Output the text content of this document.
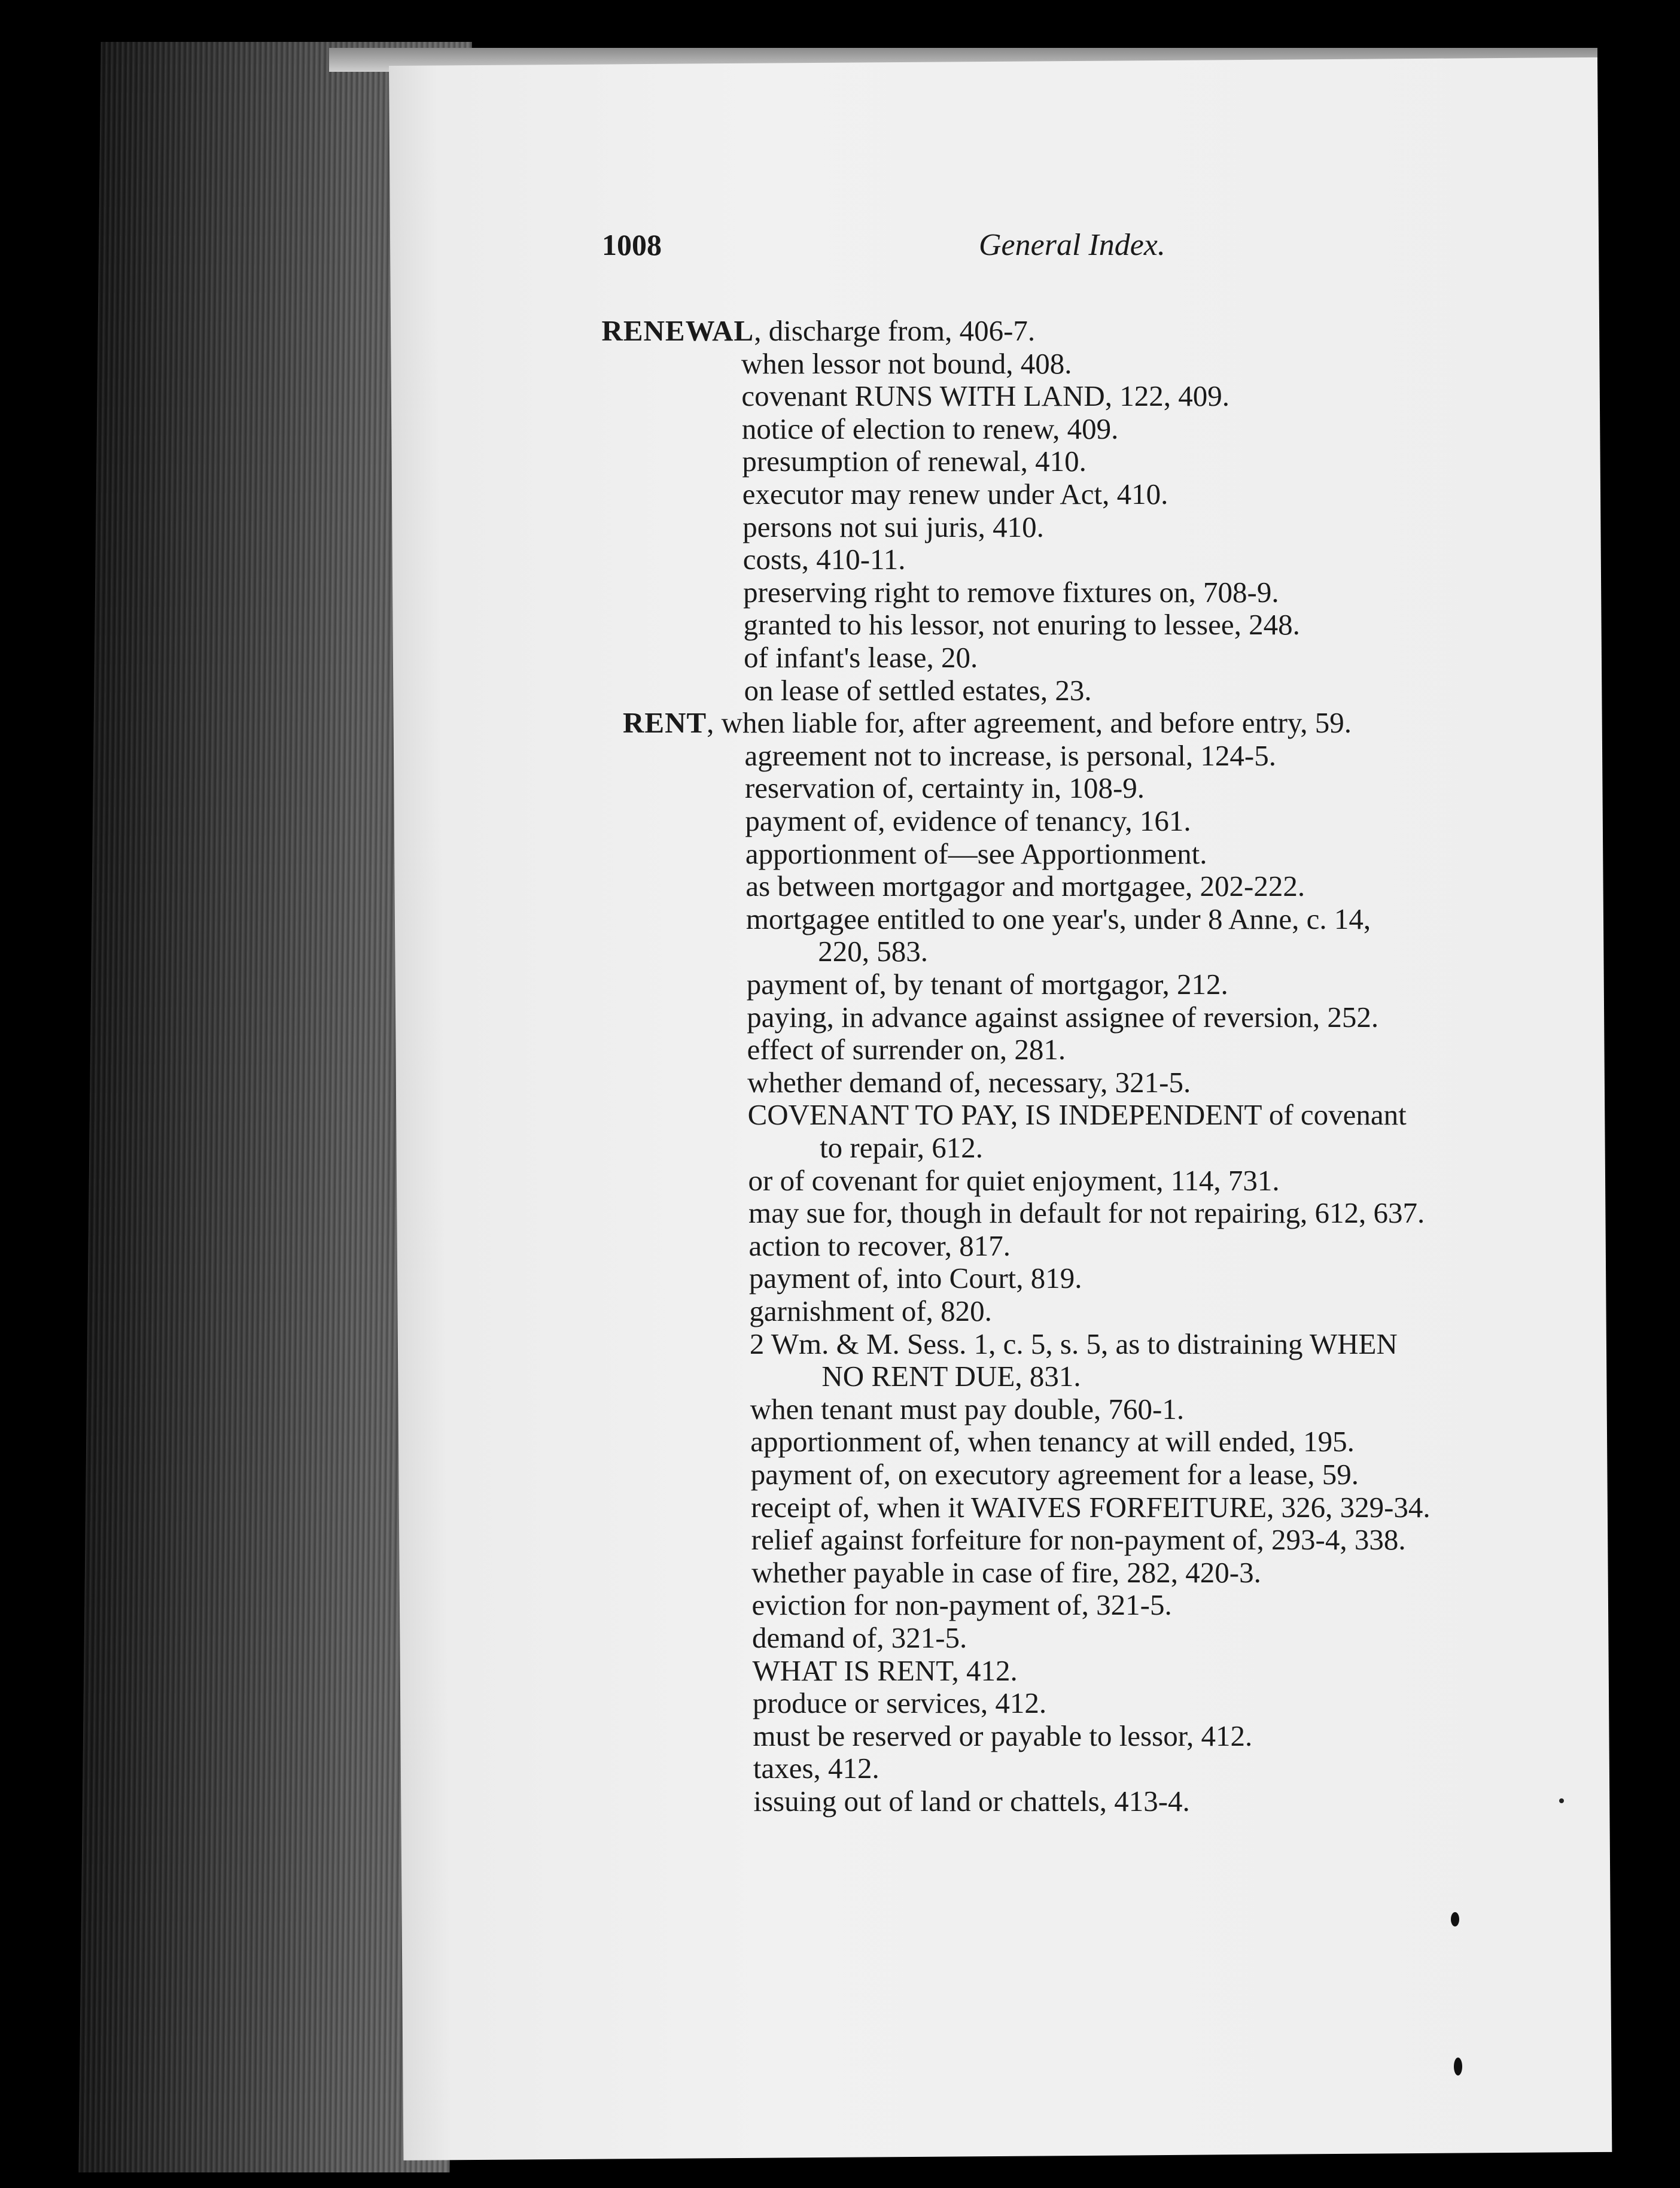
1008	General Index.
RENEWAL, discharge from, 406-7.
when lessor not bound, 408.
covenant RUNS WITH LAND, 122, 409.
notice of election to renew, 409.
presumption of renewal, 410.
executor may renew under Act, 410.
persons not sui juris, 410.
costs, 410-11.
preserving right to remove fixtures on, 708-9.
granted to his lessor, not enuring to lessee, 248.
of infant's lease, 20.
on lease of settled estates, 23.
RENT, when liable for, after agreement, and before entry, 59.
agreement not to increase, is personal, 124-5.
reservation of, certainty in, 108-9.
payment of, evidence of tenancy, 161.
apportionment of—see Apportionment.
as between mortgagor and mortgagee, 202-222.
mortgagee entitled to one year's, under 8 Anne, c. 14,
220, 583.
payment of, by tenant of mortgagor, 212.
paying, in advance against assignee of reversion, 252.
effect of surrender on, 281.
whether demand of, necessary, 321-5.
COVENANT TO PAY, IS INDEPENDENT of covenant
to repair, 612.
or of covenant for quiet enjoyment, 114, 731.
may sue for, though in default for not repairing, 612, 637.
action to recover, 817.
payment of, into Court, 819.
garnishment of, 820.
2 Wm. & M. Sess. 1, c. 5, s. 5, as to distraining WHEN
NO RENT DUE, 831.
when tenant must pay double, 760-1.
apportionment of, when tenancy at will ended, 195.
payment of, on executory agreement for a lease, 59.
receipt of, when it WAIVES FORFEITURE, 326, 329-34.
relief against forfeiture for non-payment of, 293-4, 338.
whether payable in case of fire, 282, 420-3.
eviction for non-payment of, 321-5.
demand of, 321-5.
WHAT IS RENT, 412.
produce or services, 412.
must be reserved or payable to lessor, 412.
taxes, 412.
issuing out of land or chattels, 413-4.
